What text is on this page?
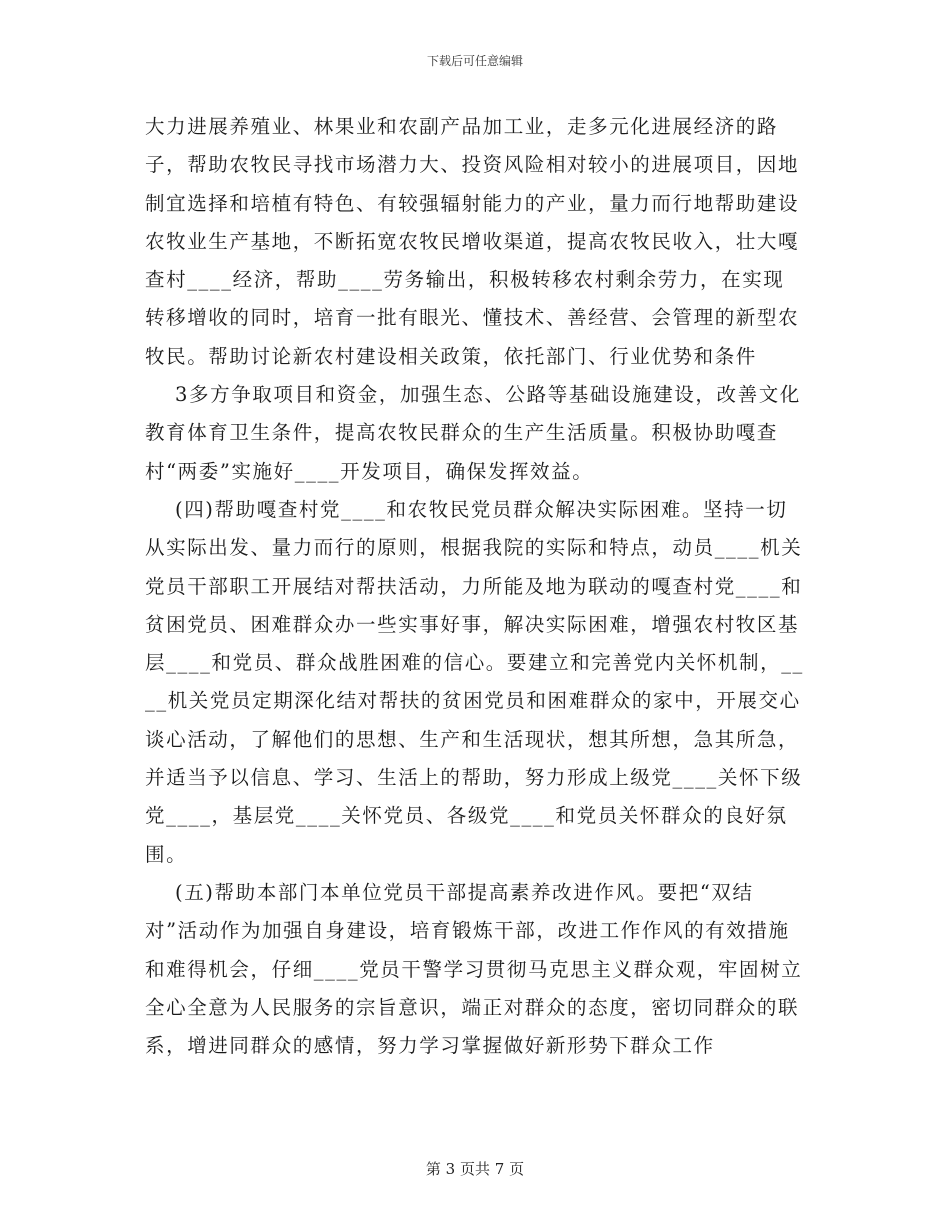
下载后可任意编辑

大力进展养殖业、林果业和农副产品加工业，走多元化进展经济的路子，帮助农牧民寻找市场潜力大、投资风险相对较小的进展项目，因地制宜选择和培植有特色、有较强辐射能力的产业，量力而行地帮助建设农牧业生产基地，不断拓宽农牧民增收渠道，提高农牧民收入，壮大嘎查村____经济，帮助____劳务输出，积极转移农村剩余劳力，在实现转移增收的同时，培育一批有眼光、懂技术、善经营、会管理的新型农牧民。帮助讨论新农村建设相关政策，依托部门、行业优势和条件

3多方争取项目和资金，加强生态、公路等基础设施建设，改善文化教育体育卫生条件，提高农牧民群众的生产生活质量。积极协助嘎查村“两委”实施好____开发项目，确保发挥效益。

(四)帮助嘎查村党____和农牧民党员群众解决实际困难。坚持一切从实际出发、量力而行的原则，根据我院的实际和特点，动员____机关党员干部职工开展结对帮扶活动，力所能及地为联动的嘎查村党____和贫困党员、困难群众办一些实事好事，解决实际困难，增强农村牧区基层____和党员、群众战胜困难的信心。要建立和完善党内关怀机制，____机关党员定期深化结对帮扶的贫困党员和困难群众的家中，开展交心谈心活动，了解他们的思想、生产和生活现状，想其所想，急其所急，并适当予以信息、学习、生活上的帮助，努力形成上级党____关怀下级党____，基层党____关怀党员、各级党____和党员关怀群众的良好氛围。

(五)帮助本部门本单位党员干部提高素养改进作风。要把“双结对”活动作为加强自身建设，培育锻炼干部，改进工作作风的有效措施和难得机会，仔细____党员干警学习贯彻马克思主义群众观，牢固树立全心全意为人民服务的宗旨意识，端正对群众的态度，密切同群众的联系，增进同群众的感情，努力学习掌握做好新形势下群众工作

第 3 页共 7 页
